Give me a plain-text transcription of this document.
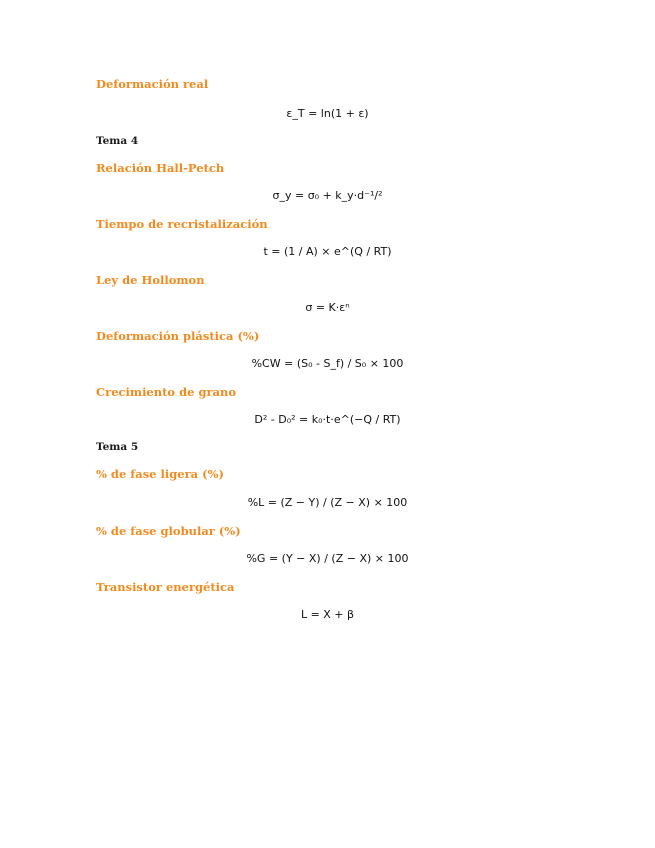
Deformación real
ε_T = ln(1 + ε)
Tema 4
Relación Hall-Petch
σ_y = σ₀ + k_y·d⁻¹/²
Tiempo de recristalización
t = (1 / A) × e^(Q / RT)
Ley de Hollomon
σ = K·εⁿ
Deformación plástica (%)
%CW = (S₀ - S_f) / S₀ × 100
Crecimiento de grano
D² - D₀² = k₀·t·e^(−Q / RT)
Tema 5
% de fase ligera (%)
%L = (Z − Y) / (Z − X) × 100
% de fase globular (%)
%G = (Y − X) / (Z − X) × 100
Transistor energética
L = X + β
